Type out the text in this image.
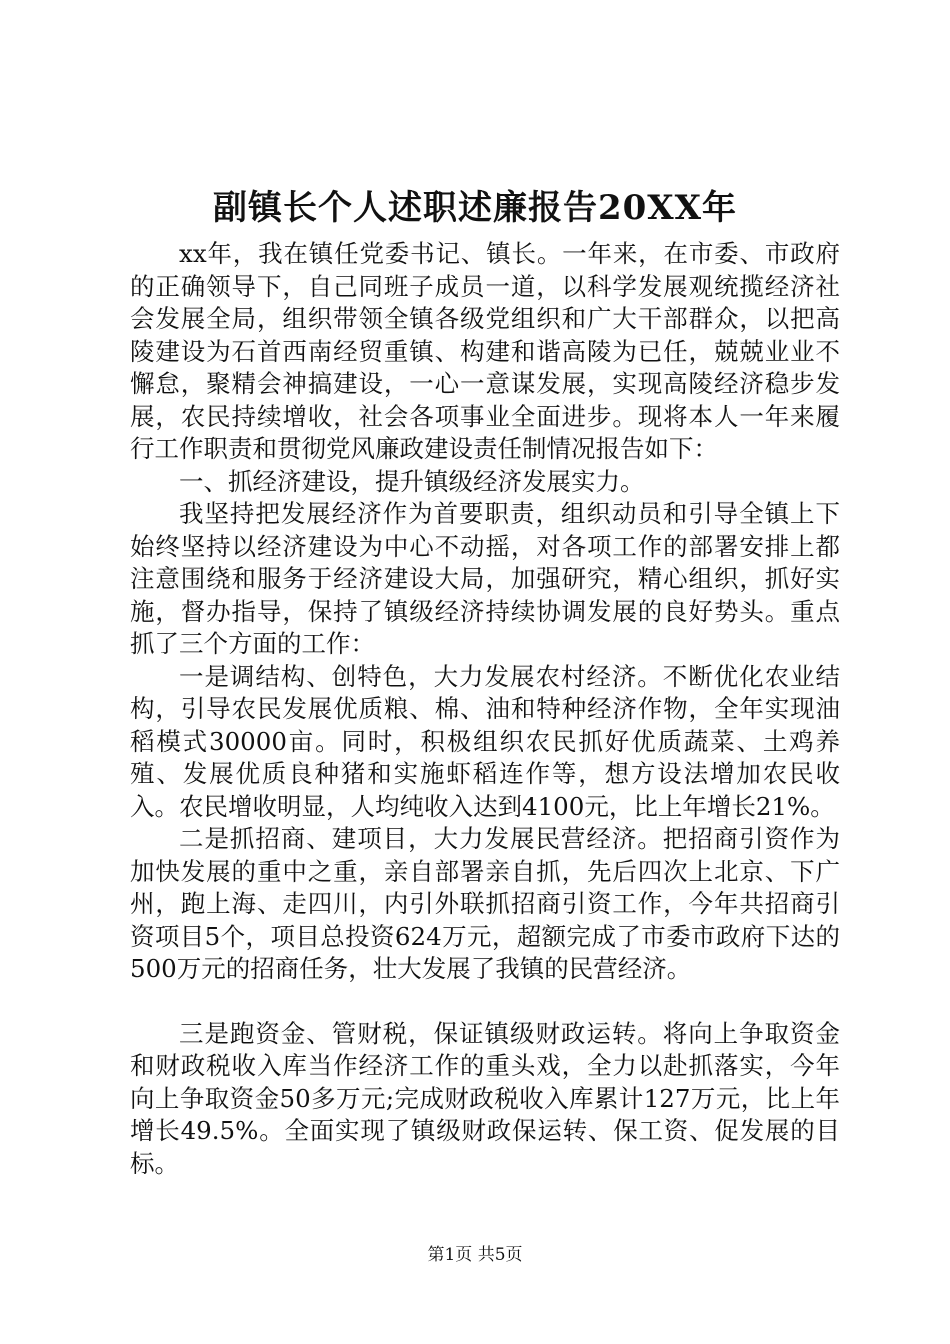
副镇长个人述职述廉报告20XX年

xx年，我在镇任党委书记、镇长。一年来，在市委、市政府的正确领导下，自己同班子成员一道，以科学发展观统揽经济社会发展全局，组织带领全镇各级党组织和广大干部群众，以把高陵建设为石首西南经贸重镇、构建和谐高陵为已任，兢兢业业不懈怠，聚精会神搞建设，一心一意谋发展，实现高陵经济稳步发展，农民持续增收，社会各项事业全面进步。现将本人一年来履行工作职责和贯彻党风廉政建设责任制情况报告如下：

一、抓经济建设，提升镇级经济发展实力。

我坚持把发展经济作为首要职责，组织动员和引导全镇上下始终坚持以经济建设为中心不动摇，对各项工作的部署安排上都注意围绕和服务于经济建设大局，加强研究，精心组织，抓好实施，督办指导，保持了镇级经济持续协调发展的良好势头。重点抓了三个方面的工作：

一是调结构、创特色，大力发展农村经济。不断优化农业结构，引导农民发展优质粮、棉、油和特种经济作物，全年实现油稻模式30000亩。同时，积极组织农民抓好优质蔬菜、土鸡养殖、发展优质良种猪和实施虾稻连作等，想方设法增加农民收入。农民增收明显，人均纯收入达到4100元，比上年增长21%。

二是抓招商、建项目，大力发展民营经济。把招商引资作为加快发展的重中之重，亲自部署亲自抓，先后四次上北京、下广州，跑上海、走四川，内引外联抓招商引资工作，今年共招商引资项目5个，项目总投资624万元，超额完成了市委市政府下达的500万元的招商任务，壮大发展了我镇的民营经济。

三是跑资金、管财税，保证镇级财政运转。将向上争取资金和财政税收入库当作经济工作的重头戏，全力以赴抓落实，今年向上争取资金50多万元;完成财政税收入库累计127万元，比上年增长49.5%。全面实现了镇级财政保运转、保工资、促发展的目标。

第1页 共5页
